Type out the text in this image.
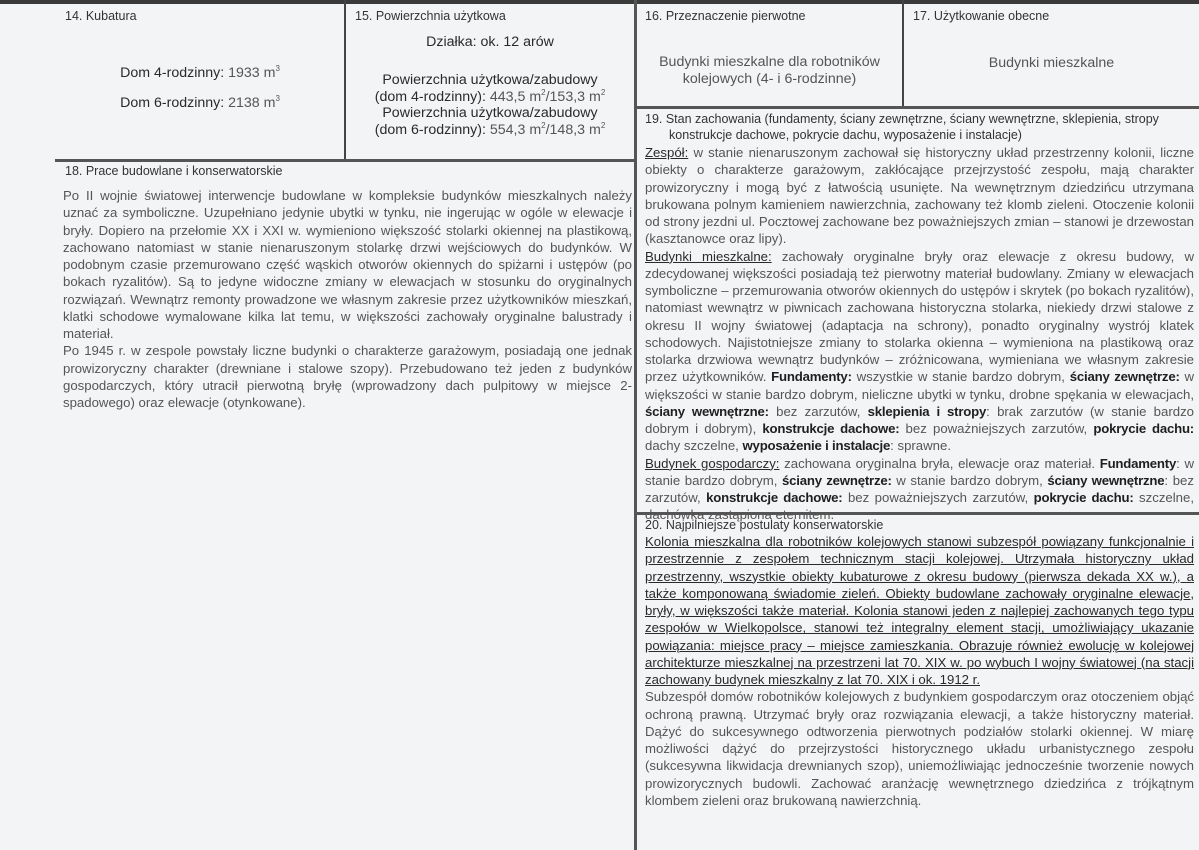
14. Kubatura
Dom 4-rodzinny: 1933 $m^3$
Dom 6-rodzinny: 2138 $m^3$
15. Powierzchnia użytkowa
Działka: ok. 12 arów
Powierzchnia użytkowa/zabudowy
(dom 4-rodzinny): 443,5 $m^2/153,3$ $m^2$
Powierzchnia użytkowa/zabudowy
(dom 6-rodzinny): 554,3 $m^2/148,3$ $m^2$
16. Przeznaczenie pierwotne
Budynki mieszkalne dla robotników
kolejowych (4- i 6-rodzinne)
17. Użytkowanie obecne
Budynki mieszkalne
18. Prace budowlane i konserwatorskie

Po II wojnie światowej interwencje budowlane w kompleksie budynków mieszkalnych należy uznać za symboliczne. Uzupełniano jedynie ubytki w tynku, nie ingerując w ogóle w elewacje i bryły. Dopiero na przełomie XX i XXI w. wymieniono większość stolarki okiennej na plastikową, zachowano natomiast w stanie nienaruszonym stolarkę drzwi wejściowych do budynków. W podobnym czasie przemurowano część wąskich otworów okiennych do spiżarni i ustępów (po bokach ryzalitów). Są to jedyne widoczne zmiany w elewacjach w stosunku do oryginalnych rozwiązań. Wewnątrz remonty prowadzone we własnym zakresie przez użytkowników mieszkań, klatki schodowe wymalowane kilka lat temu, w większości zachowały oryginalne balustrady i materiał.

Po 1945 r. w zespole powstały liczne budynki o charakterze garażowym, posiadają one jednak prowizoryczny charakter (drewniane i stalowe szopy). Przebudowano też jeden z budynków gospodarczych, który utracił pierwotną bryłę (wprowadzony dach pulpitowy w miejsce 2-spadowego) oraz elewacje (otynkowane).

19. Stan zachowania (fundamenty, ściany zewnętrzne, ściany wewnętrzne, sklepienia, stropy
konstrukcje dachowe, pokrycie dachu, wyposażenie i instalacje)

Zespół: w stanie nienaruszonym zachował się historyczny układ przestrzenny kolonii, liczne obiekty o charakterze garażowym, zakłócające przejrzystość zespołu, mają charakter prowizoryczny i mogą być z łatwością usunięte. Na wewnętrznym dziedzińcu utrzymana brukowana polnym kamieniem nawierzchnia, zachowany też klomb zieleni. Otoczenie kolonii od strony jezdni ul. Pocztowej zachowane bez poważniejszych zmian – stanowi je drzewostan (kasztanowce oraz lipy).

Budynki mieszkalne: zachowały oryginalne bryły oraz elewacje z okresu budowy, w zdecydowanej większości posiadają też pierwotny materiał budowlany. Zmiany w elewacjach symboliczne – przemurowania otworów okiennych do ustępów i skrytek (po bokach ryzalitów), natomiast wewnątrz w piwnicach zachowana historyczna stolarka, niekiedy drzwi stalowe z okresu II wojny światowej (adaptacja na schrony), ponadto oryginalny wystrój klatek schodowych. Najistotniejsze zmiany to stolarka okienna – wymieniona na plastikową oraz stolarka drzwiowa wewnątrz budynków – zróżnicowana, wymieniana we własnym zakresie przez użytkowników. Fundamenty: wszystkie w stanie bardzo dobrym, ściany zewnętrze: w większości w stanie bardzo dobrym, nieliczne ubytki w tynku, drobne spękania w elewacjach, ściany wewnętrzne: bez zarzutów, sklepienia i stropy: brak zarzutów (w stanie bardzo dobrym i dobrym), konstrukcje dachowe: bez poważniejszych zarzutów, pokrycie dachu: dachy szczelne, wyposażenie i instalacje: sprawne.

Budynek gospodarczy: zachowana oryginalna bryła, elewacje oraz materiał. Fundamenty: w stanie bardzo dobrym, ściany zewnętrze: w stanie bardzo dobrym, ściany wewnętrzne: bez zarzutów, konstrukcje dachowe: bez poważniejszych zarzutów, pokrycie dachu: szczelne, dachówka zastąpiona eternitem.

20. Najpilniejsze postulaty konserwatorskie

Kolonia mieszkalna dla robotników kolejowych stanowi subzespół powiązany funkcjonalnie i przestrzennie z zespołem technicznym stacji kolejowej. Utrzymała historyczny układ przestrzenny, wszystkie obiekty kubaturowe z okresu budowy (pierwsza dekada XX w.), a także komponowaną świadomie zieleń. Obiekty budowlane zachowały oryginalne elewacje, bryły, w większości także materiał. Kolonia stanowi jeden z najlepiej zachowanych tego typu zespołów w Wielkopolsce, stanowi też integralny element stacji, umożliwiający ukazanie powiązania: miejsce pracy – miejsce zamieszkania. Obrazuje również ewolucję w kolejowej architekturze mieszkalnej na przestrzeni lat 70. XIX w. po wybuch I wojny światowej (na stacji zachowany budynek mieszkalny z lat 70. XIX i ok. 1912 r.

Subzespół domów robotników kolejowych z budynkiem gospodarczym oraz otoczeniem objąć ochroną prawną. Utrzymać bryły oraz rozwiązania elewacji, a także historyczny materiał. Dążyć do sukcesywnego odtworzenia pierwotnych podziałów stolarki okiennej. W miarę możliwości dążyć do przejrzystości historycznego układu urbanistycznego zespołu (sukcesywna likwidacja drewnianych szop), uniemożliwiając jednocześnie tworzenie nowych prowizorycznych budowli. Zachować aranżację wewnętrznego dziedzińca z trójkątnym klombem zieleni oraz brukowaną nawierzchnią.
